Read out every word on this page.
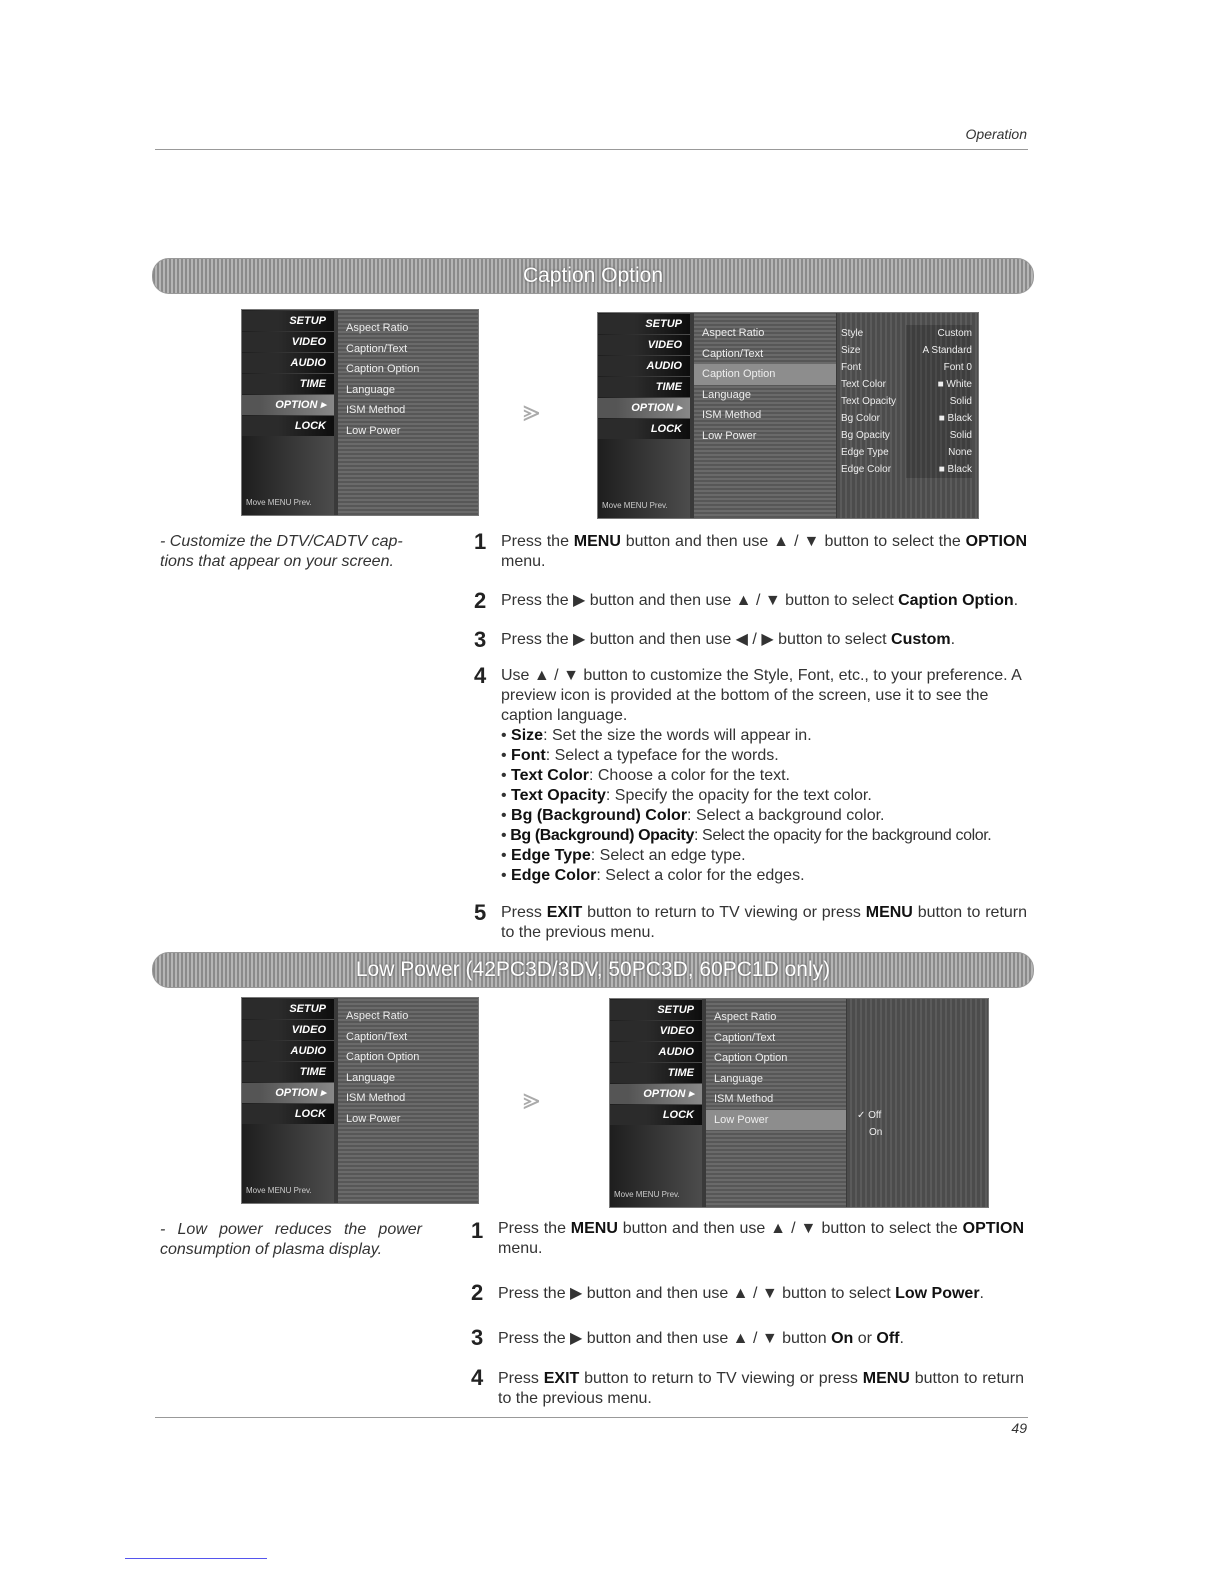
Operation
Caption Option
SETUP
VIDEO
AUDIO
TIME
OPTION ▸
LOCK
Aspect Ratio
Caption/Text
Caption Option
Language
ISM Method
Low Power
Move MENU Prev.
⪢
SETUP
VIDEO
AUDIO
TIME
OPTION ▸
LOCK
Aspect Ratio
Caption/Text
Caption Option
Language
ISM Method
Low Power
Style	Custom
Size	A Standard
Font	Font 0
Text Color	■ White
Text Opacity	Solid
Bg Color	■ Black
Bg Opacity	Solid
Edge Type	None
Edge Color	■ Black
Move MENU Prev.
- Customize the DTV/CADTV cap-tions that appear on your screen.
1 Press the MENU button and then use ▲ / ▼ button to select the OPTION menu.
2 Press the ▶ button and then use ▲ / ▼ button to select Caption Option.
3 Press the ▶ button and then use ◀ / ▶ button to select Custom.
4 Use ▲ / ▼ button to customize the Style, Font, etc., to your preference. A preview icon is provided at the bottom of the screen, use it to see the caption language.
• Size: Set the size the words will appear in.
• Font: Select a typeface for the words.
• Text Color: Choose a color for the text.
• Text Opacity: Specify the opacity for the text color.
• Bg (Background) Color: Select a background color.
• Bg (Background) Opacity: Select the opacity for the background color.
• Edge Type: Select an edge type.
• Edge Color: Select a color for the edges.
5 Press EXIT button to return to TV viewing or press MENU button to return to the previous menu.
Low Power (42PC3D/3DV, 50PC3D, 60PC1D only)
SETUP
VIDEO
AUDIO
TIME
OPTION ▸
LOCK
Aspect Ratio
Caption/Text
Caption Option
Language
ISM Method
Low Power
Move MENU Prev.
⪢
SETUP
VIDEO
AUDIO
TIME
OPTION ▸
LOCK
Aspect Ratio
Caption/Text
Caption Option
Language
ISM Method
Low Power	✓ Off
On
Move MENU Prev.
- Low power reduces the power consumption of plasma display.
1 Press the MENU button and then use ▲ / ▼ button to select the OPTION menu.
2 Press the ▶ button and then use ▲ / ▼ button to select Low Power.
3 Press the ▶ button and then use ▲ / ▼ button On or Off.
4 Press EXIT button to return to TV viewing or press MENU button to return to the previous menu.
49
